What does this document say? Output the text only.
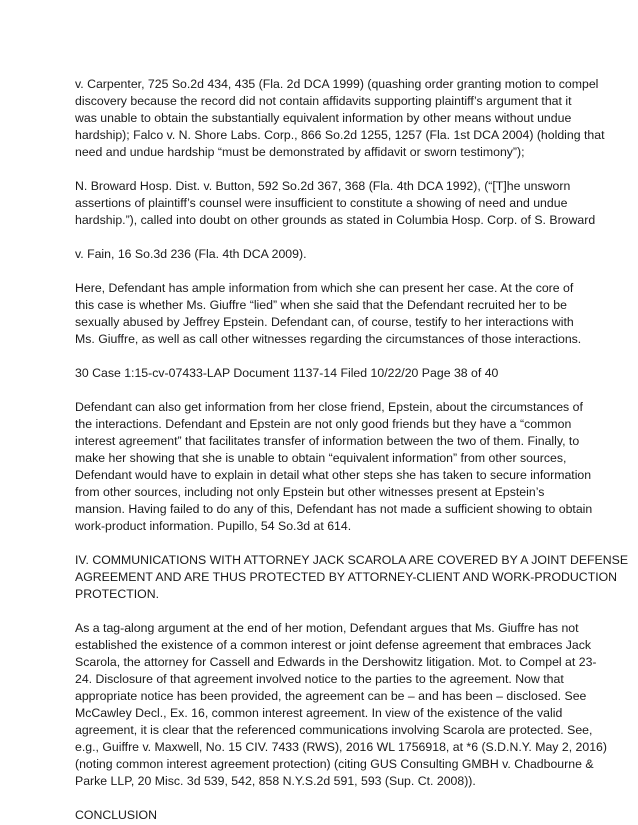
v. Carpenter, 725 So.2d 434, 435 (Fla. 2d DCA 1999) (quashing order granting motion to compel
discovery because the record did not contain affidavits supporting plaintiff’s argument that it
was unable to obtain the substantially equivalent information by other means without undue
hardship); Falco v. N. Shore Labs. Corp., 866 So.2d 1255, 1257 (Fla. 1st DCA 2004) (holding that
need and undue hardship “must be demonstrated by affidavit or sworn testimony”);
N. Broward Hosp. Dist. v. Button, 592 So.2d 367, 368 (Fla. 4th DCA 1992), (“[T]he unsworn
assertions of plaintiff’s counsel were insufficient to constitute a showing of need and undue
hardship.”), called into doubt on other grounds as stated in Columbia Hosp. Corp. of S. Broward
v. Fain, 16 So.3d 236 (Fla. 4th DCA 2009).
Here, Defendant has ample information from which she can present her case. At the core of
this case is whether Ms. Giuffre “lied” when she said that the Defendant recruited her to be
sexually abused by Jeffrey Epstein. Defendant can, of course, testify to her interactions with
Ms. Giuffre, as well as call other witnesses regarding the circumstances of those interactions.
30 Case 1:15-cv-07433-LAP Document 1137-14 Filed 10/22/20 Page 38 of 40
Defendant can also get information from her close friend, Epstein, about the circumstances of
the interactions. Defendant and Epstein are not only good friends but they have a “common
interest agreement” that facilitates transfer of information between the two of them. Finally, to
make her showing that she is unable to obtain “equivalent information” from other sources,
Defendant would have to explain in detail what other steps she has taken to secure information
from other sources, including not only Epstein but other witnesses present at Epstein’s
mansion. Having failed to do any of this, Defendant has not made a sufficient showing to obtain
work-product information. Pupillo, 54 So.3d at 614.
IV. COMMUNICATIONS WITH ATTORNEY JACK SCAROLA ARE COVERED BY A JOINT DEFENSE
AGREEMENT AND ARE THUS PROTECTED BY ATTORNEY-CLIENT AND WORK-PRODUCTION
PROTECTION.
As a tag-along argument at the end of her motion, Defendant argues that Ms. Giuffre has not
established the existence of a common interest or joint defense agreement that embraces Jack
Scarola, the attorney for Cassell and Edwards in the Dershowitz litigation. Mot. to Compel at 23-
24. Disclosure of that agreement involved notice to the parties to the agreement. Now that
appropriate notice has been provided, the agreement can be – and has been – disclosed. See
McCawley Decl., Ex. 16, common interest agreement. In view of the existence of the valid
agreement, it is clear that the referenced communications involving Scarola are protected. See,
e.g., Guiffre v. Maxwell, No. 15 CIV. 7433 (RWS), 2016 WL 1756918, at *6 (S.D.N.Y. May 2, 2016)
(noting common interest agreement protection) (citing GUS Consulting GMBH v. Chadbourne &
Parke LLP, 20 Misc. 3d 539, 542, 858 N.Y.S.2d 591, 593 (Sup. Ct. 2008)).
CONCLUSION
